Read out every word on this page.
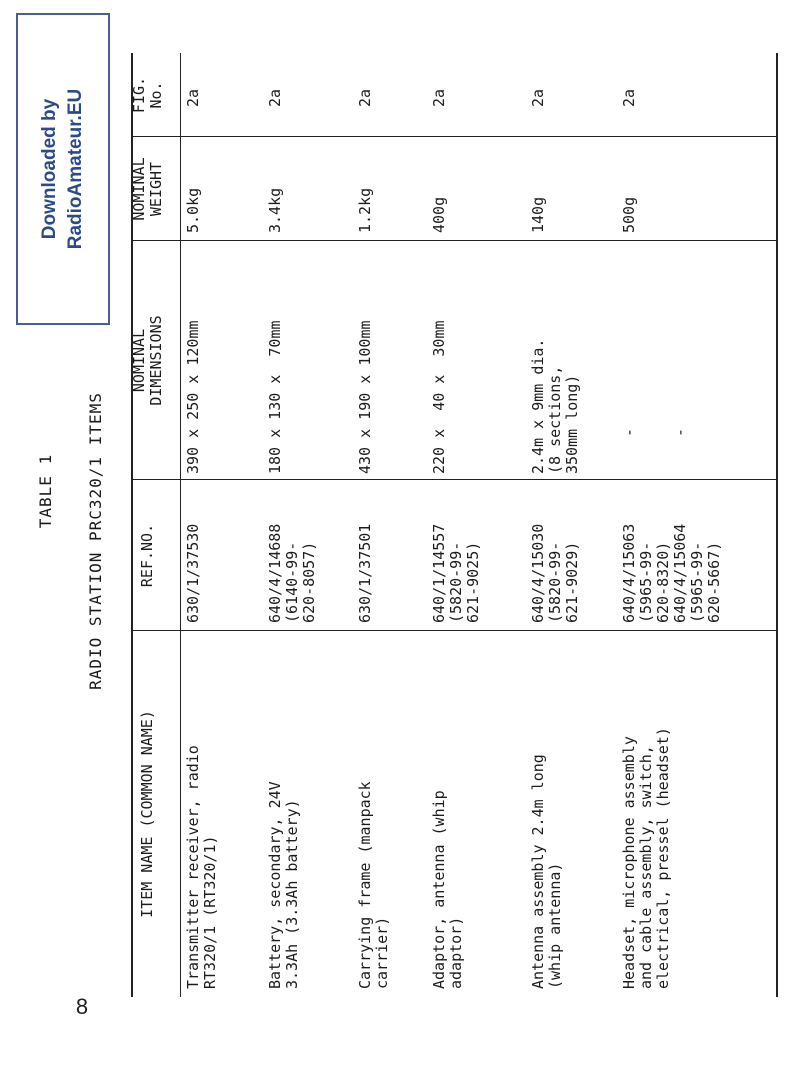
Downloaded by RadioAmateur.EU
TABLE 1 RADIO STATION PRC320/1 ITEMS
ITEM NAME (COMMON NAME)
REF.NO.
NOMINAL
DIMENSIONS
NOMINAL
WEIGHT
FIG.
No.
Transmitter receiver, radio
RT320/1 (RT320/1)
630/1/37530
390 x 250 x 120mm
5.0kg
2a
Battery, secondary, 24V
3.3Ah (3.3Ah battery)
640/4/14688
(6140-99-
620-8057)
180 x 130 x  70mm
3.4kg
2a
Carrying frame (manpack
carrier)
630/1/37501
430 x 190 x 100mm
1.2kg
2a
Adaptor, antenna (whip
adaptor)
640/1/14557
(5820-99-
621-9025)
220 x  40 x  30mm
400g
2a
Antenna assembly 2.4m long
(whip antenna)
640/4/15030
(5820-99-
621-9029)
2.4m x 9mm dia.
(8 sections,
350mm long)
140g
2a
Headset, microphone assembly
and cable assembly, switch,
electrical, pressel (headset)
640/4/15063
(5965-99-
620-8320)
640/4/15064
(5965-99-
620-5667)
-

-
500g
2a
8
